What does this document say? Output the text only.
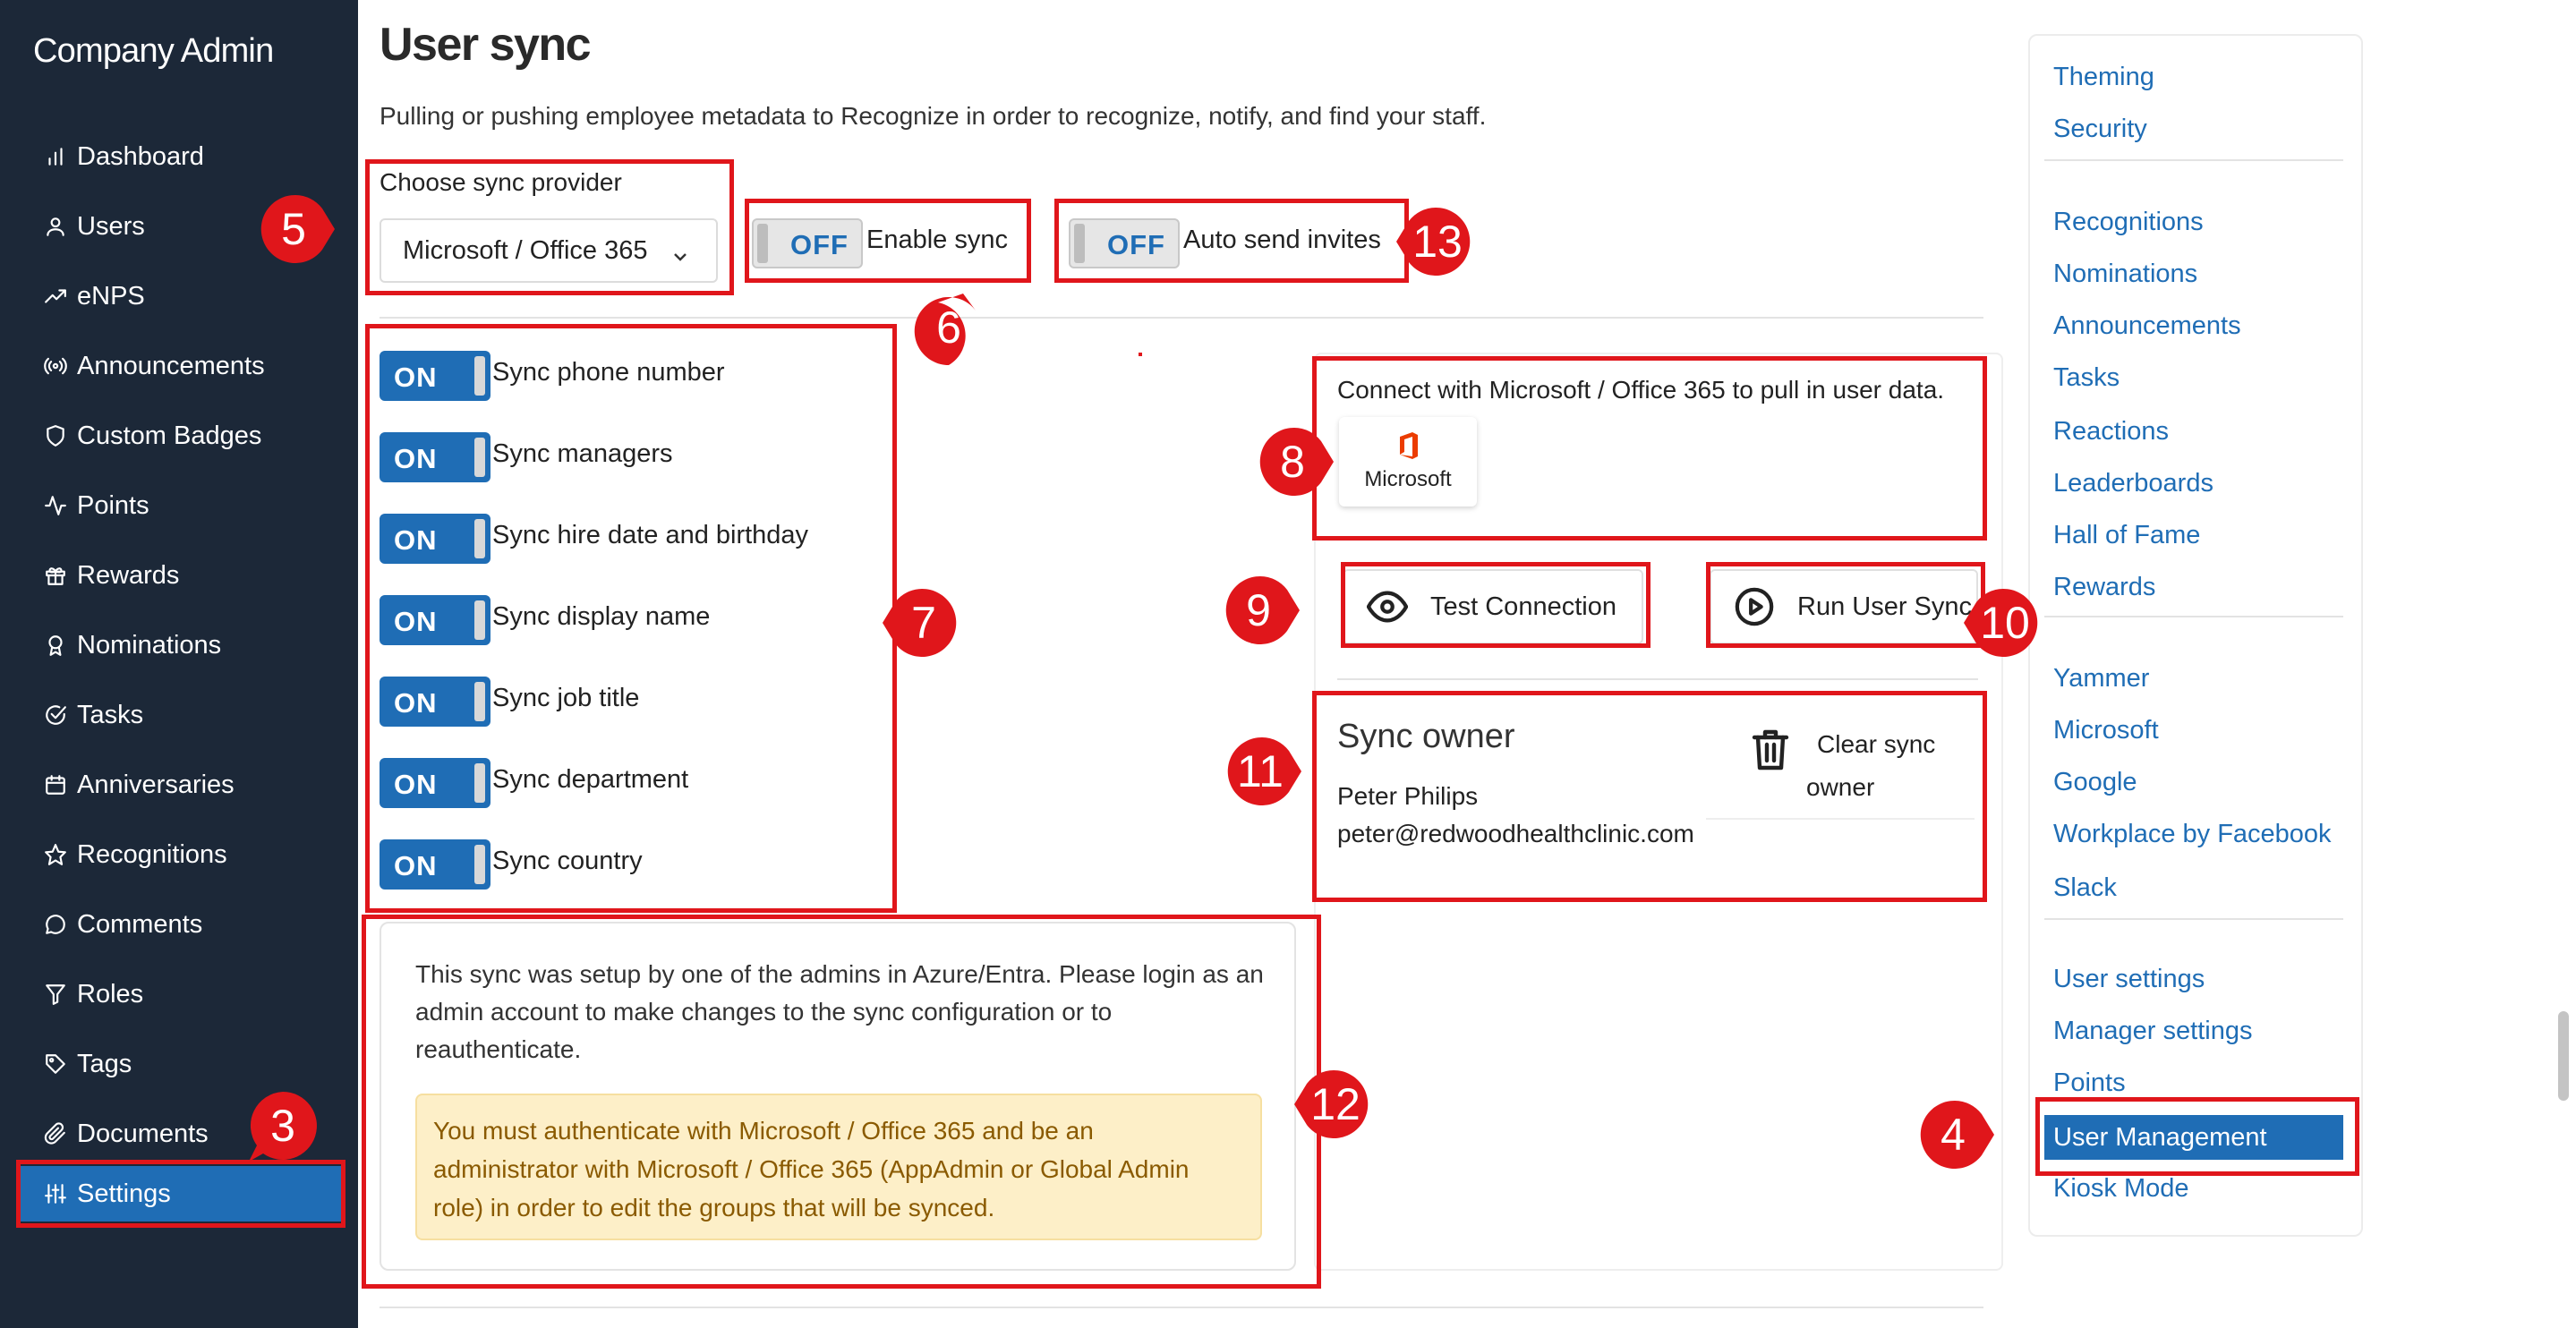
Company Admin
Dashboard
Users
eNPS
Announcements
Custom Badges
Points
Rewards
Nominations
Tasks
Anniversaries
Recognitions
Comments
Roles
Tags
Documents
Settings
User sync
Pulling or pushing employee metadata to Recognize in order to recognize, notify, and find your staff.
Choose sync provider
Microsoft / Office 365	OFF Enable sync	OFF Auto send invites
ON Sync phone number
ON Sync managers
ON Sync hire date and birthday
ON Sync display name
ON Sync job title
ON Sync department
ON Sync country
Connect with Microsoft / Office 365 to pull in user data.
Microsoft
Test Connection	Run User Sync
Sync owner
Peter Philips
peter@redwoodhealthclinic.com
Clear sync
owner
This sync was setup by one of the admins in Azure/Entra. Please login as an admin account to make changes to the sync configuration or to reauthenticate.
You must authenticate with Microsoft / Office 365 and be an administrator with Microsoft / Office 365 (AppAdmin or Global Admin role) in order to edit the groups that will be synced.
Theming
Security
Recognitions
Nominations
Announcements
Tasks
Reactions
Leaderboards
Hall of Fame
Rewards
Yammer
Microsoft
Google
Workplace by Facebook
Slack
User settings
Manager settings
Points
User Management
Kiosk Mode
3	4
5
6
7
8
9	10
11
12
13
